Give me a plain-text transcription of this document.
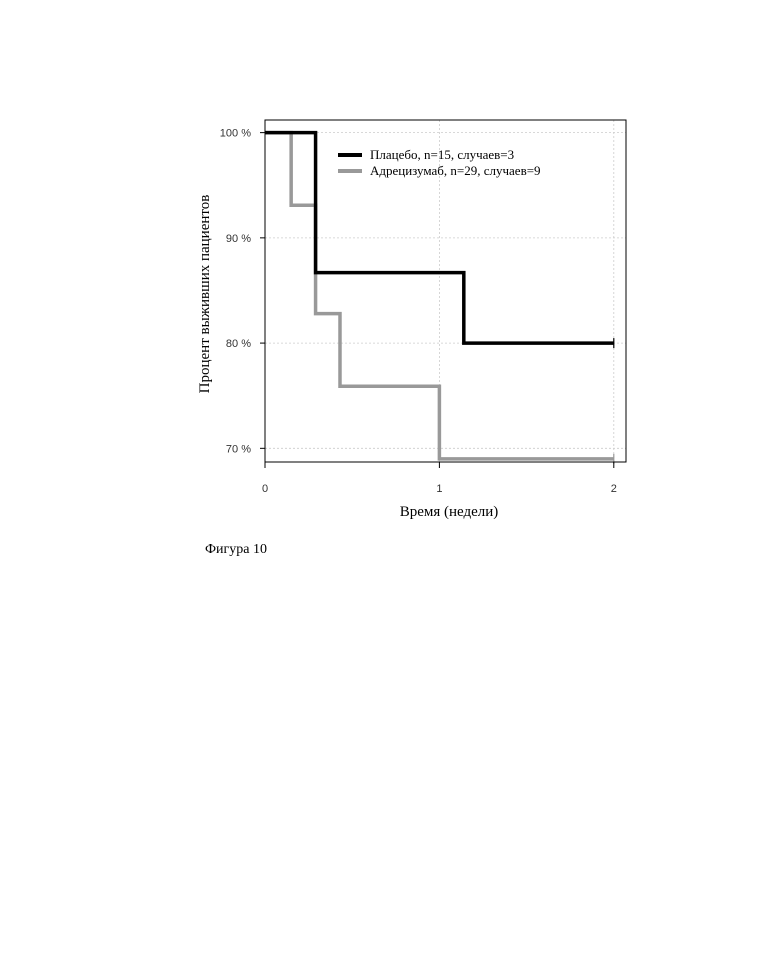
70 %
80 %
90 %
100 %
0	1	2
Плацебо, n=15, случаев=3
Адрецизумаб, n=29, случаев=9
Время (недели)
Процент выживших пациентов
Фигура 10
